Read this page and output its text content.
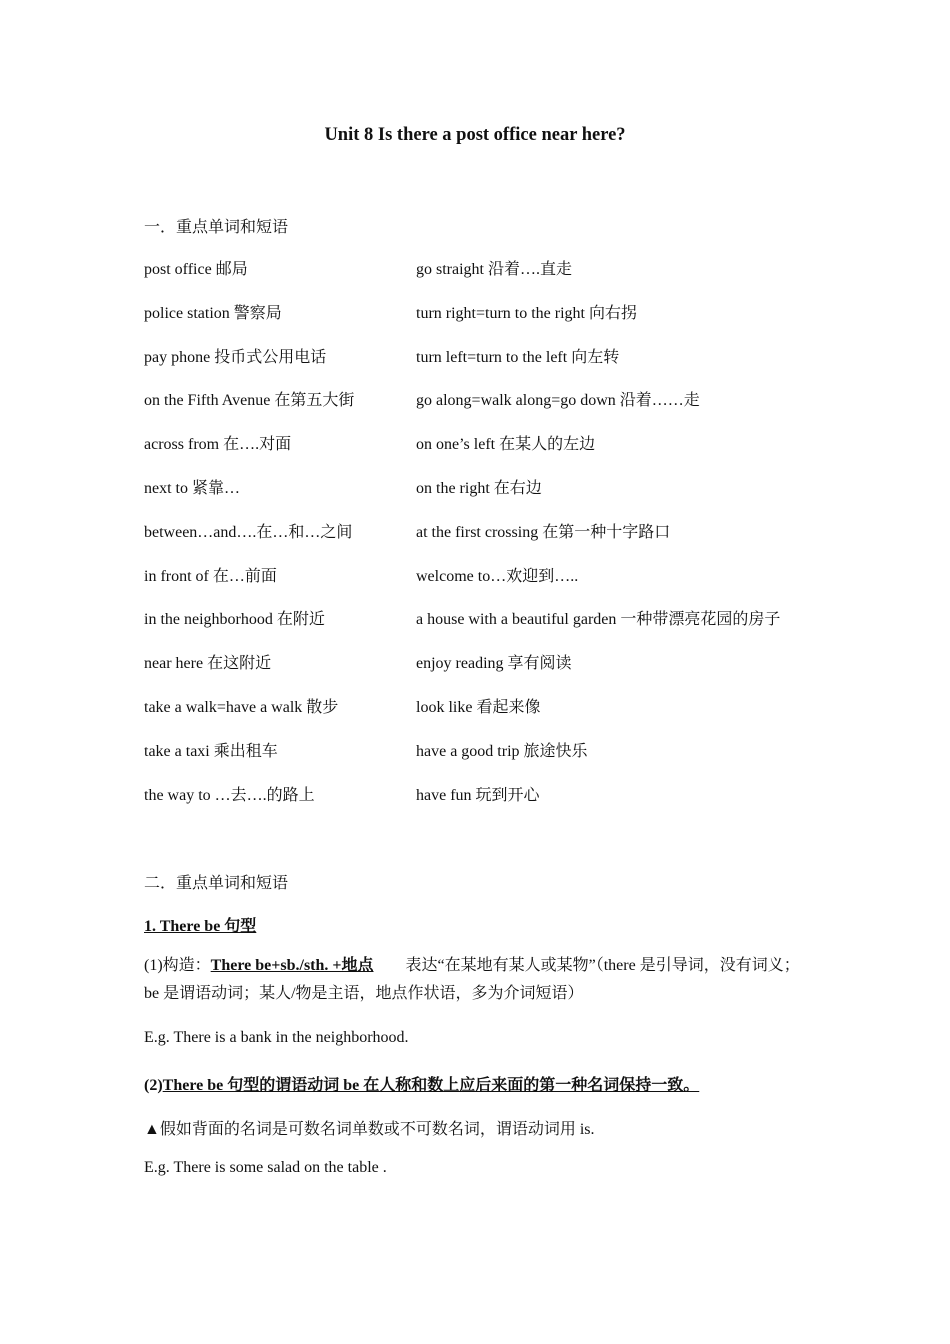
Unit 8 Is there a post office near here?
一．重点单词和短语
post office 邮局	go straight 沿着….直走
police station 警察局	turn right=turn to the right 向右拐
pay phone 投币式公用电话	turn left=turn to the left 向左转
on the Fifth Avenue 在第五大街	go along=walk along=go down 沿着……走
across from 在….对面	on one’s left 在某人的左边
next to 紧靠…	on the right 在右边
between…and….在…和…之间	at the first crossing 在第一种十字路口
in front of 在…前面	welcome to…欢迎到…..
in the neighborhood 在附近	a house with a beautiful garden 一种带漂亮花园的房子
near here 在这附近	enjoy reading 享有阅读
take a walk=have a walk 散步	look like 看起来像
take a taxi 乘出租车	have a good trip 旅途快乐
the way to …去….的路上	have fun 玩到开心
二．重点单词和短语
1. There be 句型
(1)构造：There be+sb./sth. +地点        表达“在某地有某人或某物”（there 是引导词，没有词义；be 是谓语动词；某人/物是主语，地点作状语，多为介词短语）
E.g. There is a bank in the neighborhood.
(2)There be 句型的谓语动词 be 在人称和数上应后来面的第一种名词保持一致。
▲假如背面的名词是可数名词单数或不可数名词，谓语动词用 is.
E.g. There is some salad on the table .
